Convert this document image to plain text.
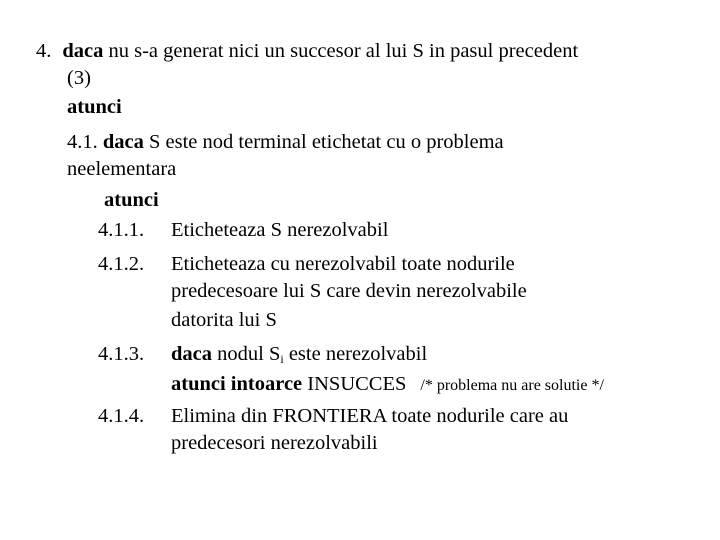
4. daca nu s-a generat nici un succesor al lui S in pasul precedent
(3)
atunci
4.1. daca S este nod terminal etichetat cu o problema
neelementara
atunci
4.1.1. Eticheteaza S nerezolvabil
4.1.2. Eticheteaza cu nerezolvabil toate nodurile
predecesoare lui S care devin nerezolvabile
datorita lui S
4.1.3. daca nodul $S_i$ este nerezolvabil
atunci intoarce INSUCCES /* problema nu are solutie */
4.1.4. Elimina din FRONTIERA toate nodurile care au
predecesori nerezolvabili
